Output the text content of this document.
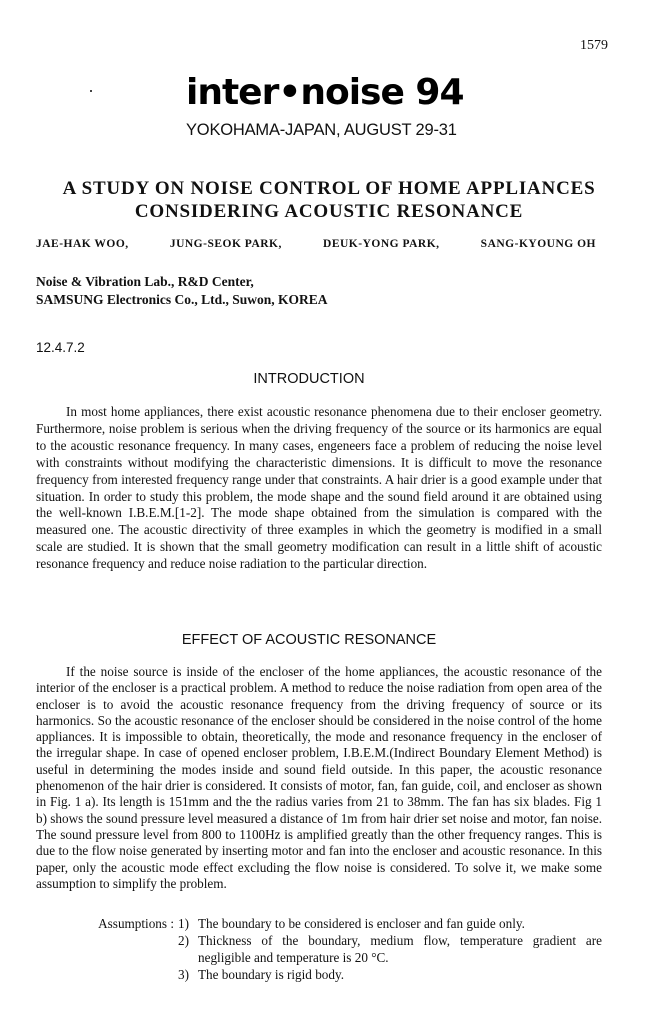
1579
inter•noise 94
YOKOHAMA-JAPAN, AUGUST 29-31
A STUDY ON NOISE CONTROL OF HOME APPLIANCES
CONSIDERING ACOUSTIC RESONANCE
JAE-HAK WOO,	JUNG-SEOK PARK,	DEUK-YONG PARK,	SANG-KYOUNG OH
Noise & Vibration Lab., R&D Center,
SAMSUNG Electronics Co., Ltd., Suwon, KOREA
12.4.7.2
INTRODUCTION

In most home appliances, there exist acoustic resonance phenomena due to their encloser geometry. Furthermore, noise problem is serious when the driving frequency of the source or its harmonics are equal to the acoustic resonance frequency. In many cases, engeneers face a problem of reducing the noise level with constraints without modifying the characteristic dimensions. It is difficult to move the resonance frequency from interested frequency range under that constraints. A hair drier is a good example under that situation. In order to study this problem, the mode shape and the sound field around it are obtained using the well-known I.B.E.M.[1-2]. The mode shape obtained from the simulation is compared with the measured one. The acoustic directivity of three examples in which the geometry is modified in a small scale are studied. It is shown that the small geometry modification can result in a little shift of acoustic resonance frequency and reduce noise radiation to the particular direction.

EFFECT OF ACOUSTIC RESONANCE

If the noise source is inside of the encloser of the home appliances, the acoustic resonance of the interior of the encloser is a practical problem. A method to reduce the noise radiation from open area of the encloser is to avoid the acoustic resonance frequency from the driving frequency of source or its harmonics. So the acoustic resonance of the encloser should be considered in the noise control of the home appliances. It is impossible to obtain, theoretically, the mode and resonance frequency in the encloser of the irregular shape. In case of opened encloser problem, I.B.E.M.(Indirect Boundary Element Method) is useful in determining the modes inside and sound field outside. In this paper, the acoustic resonance phenomenon of the hair drier is considered. It consists of motor, fan, fan guide, coil, and encloser as shown in Fig. 1 a). Its length is 151mm and the the radius varies from 21 to 38mm. The fan has six blades. Fig 1 b) shows the sound pressure level measured a distance of 1m from hair drier set noise and motor, fan noise. The sound pressure level from 800 to 1100Hz is amplified greatly than the other frequency ranges. This is due to the flow noise generated by inserting motor and fan into the encloser and acoustic resonance. In this paper, only the acoustic mode effect excluding the flow noise is considered. To solve it, we make some assumption to simplify the problem.

Assumptions : 1) The boundary to be considered is encloser and fan guide only.
2) Thickness of the boundary, medium flow, temperature gradient are negligible and temperature is 20 °C.
3) The boundary is rigid body.
